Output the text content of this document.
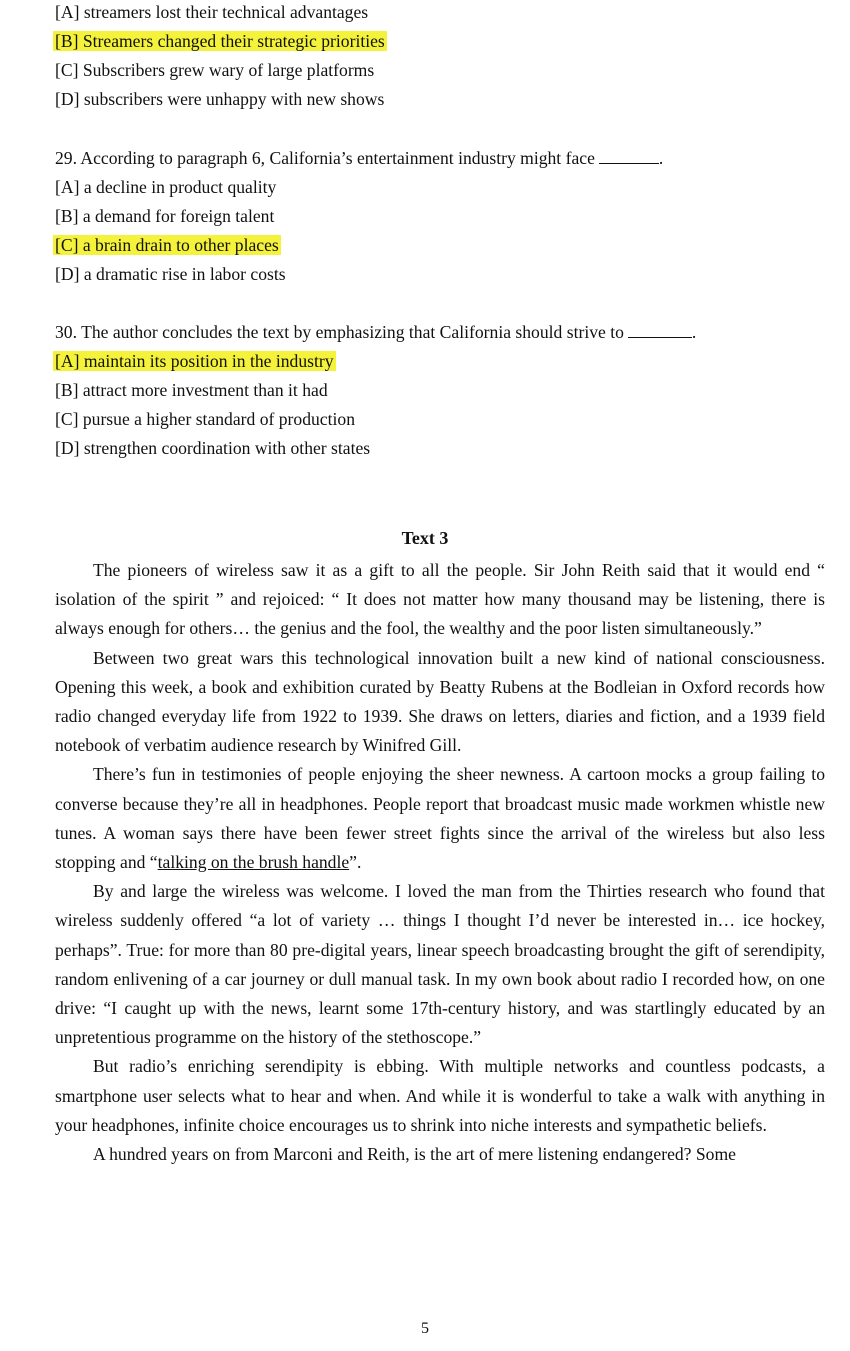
[A] streamers lost their technical advantages
[B] Streamers changed their strategic priorities
[C] Subscribers grew wary of large platforms
[D] subscribers were unhappy with new shows
29. According to paragraph 6, California’s entertainment industry might face	.
[A] a decline in product quality
[B] a demand for foreign talent
[C] a brain drain to other places
[D] a dramatic rise in labor costs
30. The author concludes the text by emphasizing that California should strive to	.
[A] maintain its position in the industry
[B] attract more investment than it had
[C] pursue a higher standard of production
[D] strengthen coordination with other states
Text 3

The pioneers of wireless saw it as a gift to all the people. Sir John Reith said that it would end “ isolation of the spirit ” and rejoiced: “ It does not matter how many thousand may be listening, there is always enough for others… the genius and the fool, the wealthy and the poor listen simultaneously.”

Between two great wars this technological innovation built a new kind of national consciousness. Opening this week, a book and exhibition curated by Beatty Rubens at the Bodleian in Oxford records how radio changed everyday life from 1922 to 1939. She draws on letters, diaries and fiction, and a 1939 field notebook of verbatim audience research by Winifred Gill.

There’s fun in testimonies of people enjoying the sheer newness. A cartoon mocks a group failing to converse because they’re all in headphones. People report that broadcast music made workmen whistle new tunes. A woman says there have been fewer street fights since the arrival of the wireless but also less stopping and “talking on the brush handle”.

By and large the wireless was welcome. I loved the man from the Thirties research who found that wireless suddenly offered “a lot of variety … things I thought I’d never be interested in… ice hockey, perhaps”. True: for more than 80 pre-digital years, linear speech broadcasting brought the gift of serendipity, random enlivening of a car journey or dull manual task. In my own book about radio I recorded how, on one drive: “I caught up with the news, learnt some 17th-century history, and was startlingly educated by an unpretentious programme on the history of the stethoscope.”

But radio’s enriching serendipity is ebbing. With multiple networks and countless podcasts, a smartphone user selects what to hear and when. And while it is wonderful to take a walk with anything in your headphones, infinite choice encourages us to shrink into niche interests and sympathetic beliefs.

A hundred years on from Marconi and Reith, is the art of mere listening endangered? Some

5
